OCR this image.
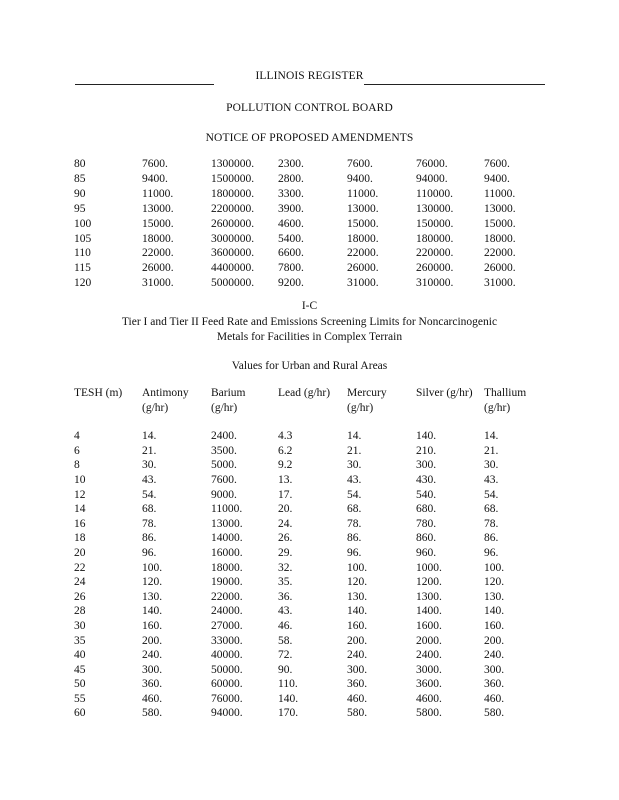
ILLINOIS REGISTER
POLLUTION CONTROL BOARD
NOTICE OF PROPOSED AMENDMENTS
80	7600.	1300000.	2300.	7600.	76000.	7600.
85	9400.	1500000.	2800.	9400.	94000.	9400.
90	11000.	1800000.	3300.	11000.	110000.	11000.
95	13000.	2200000.	3900.	13000.	130000.	13000.
100	15000.	2600000.	4600.	15000.	150000.	15000.
105	18000.	3000000.	5400.	18000.	180000.	18000.
110	22000.	3600000.	6600.	22000.	220000.	22000.
115	26000.	4400000.	7800.	26000.	260000.	26000.
120	31000.	5000000.	9200.	31000.	310000.	31000.
I-C
Tier I and Tier II Feed Rate and Emissions Screening Limits for Noncarcinogenic
Metals for Facilities in Complex Terrain
Values for Urban and Rural Areas
TESH (m)	Antimony	Barium	Lead (g/hr)	Mercury	Silver (g/hr)	Thallium
	(g/hr)	(g/hr)		(g/hr)		(g/hr)

4	14.	2400.	4.3	14.	140.	14.
6	21.	3500.	6.2	21.	210.	21.
8	30.	5000.	9.2	30.	300.	30.
10	43.	7600.	13.	43.	430.	43.
12	54.	9000.	17.	54.	540.	54.
14	68.	11000.	20.	68.	680.	68.
16	78.	13000.	24.	78.	780.	78.
18	86.	14000.	26.	86.	860.	86.
20	96.	16000.	29.	96.	960.	96.
22	100.	18000.	32.	100.	1000.	100.
24	120.	19000.	35.	120.	1200.	120.
26	130.	22000.	36.	130.	1300.	130.
28	140.	24000.	43.	140.	1400.	140.
30	160.	27000.	46.	160.	1600.	160.
35	200.	33000.	58.	200.	2000.	200.
40	240.	40000.	72.	240.	2400.	240.
45	300.	50000.	90.	300.	3000.	300.
50	360.	60000.	110.	360.	3600.	360.
55	460.	76000.	140.	460.	4600.	460.
60	580.	94000.	170.	580.	5800.	580.
